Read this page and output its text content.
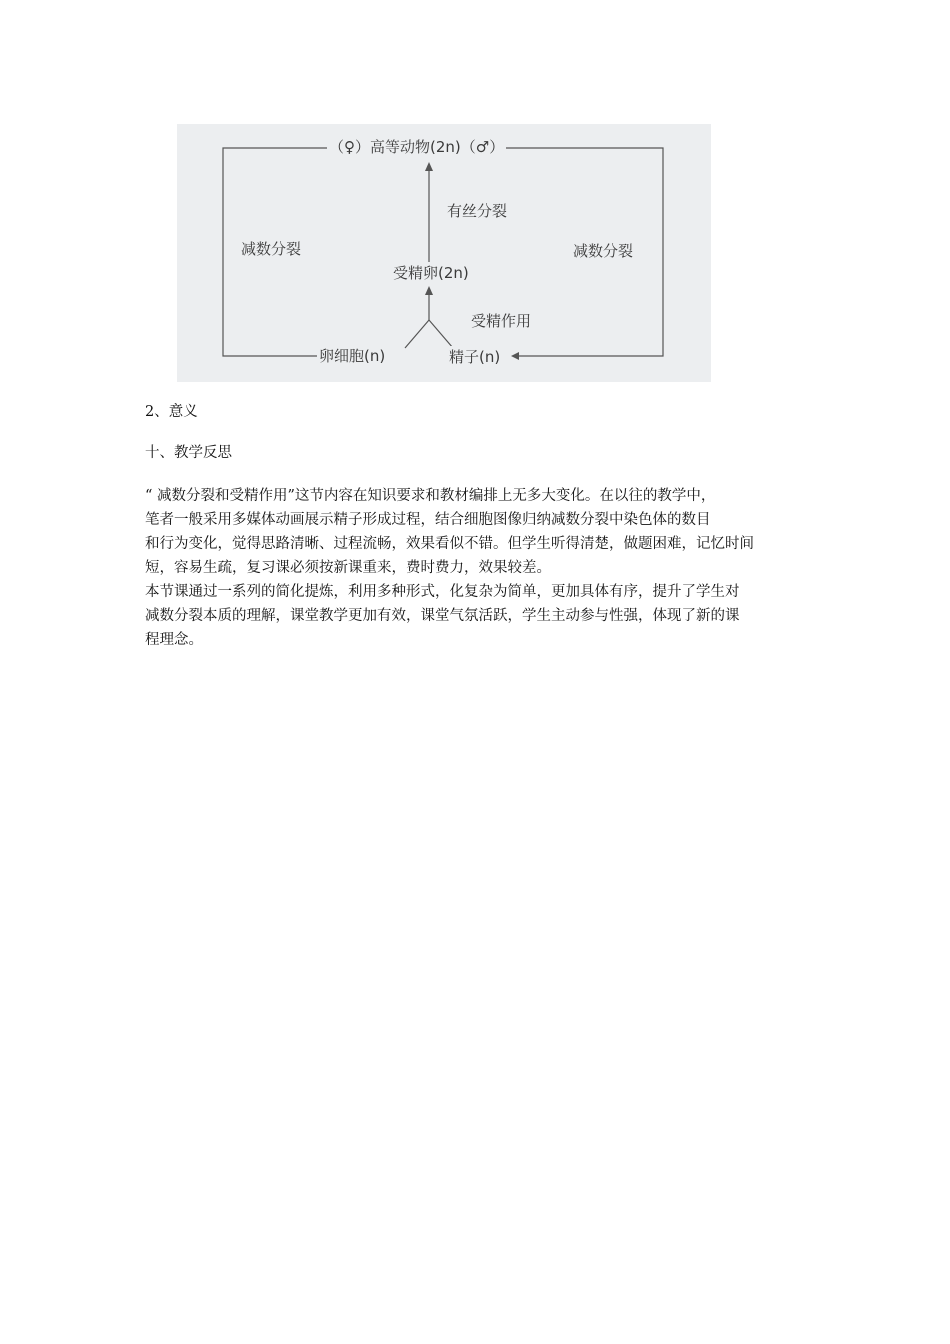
（♀）高等动物(2n)（♂）
减数分裂	减数分裂
有丝分裂
受精卵(2n)
受精作用
卵细胞(n)	精子(n)
2、意义
十、教学反思
“ 减数分裂和受精作用”这节内容在知识要求和教材编排上无多大变化。在以往的教学中，
笔者一般采用多媒体动画展示精子形成过程，结合细胞图像归纳减数分裂中染色体的数目
和行为变化，觉得思路清晰、过程流畅，效果看似不错。但学生听得清楚，做题困难，记忆时间
短，容易生疏，复习课必须按新课重来，费时费力，效果较差。
本节课通过一系列的简化提炼，利用多种形式，化复杂为简单，更加具体有序，提升了学生对
减数分裂本质的理解，课堂教学更加有效，课堂气氛活跃，学生主动参与性强，体现了新的课
程理念。
